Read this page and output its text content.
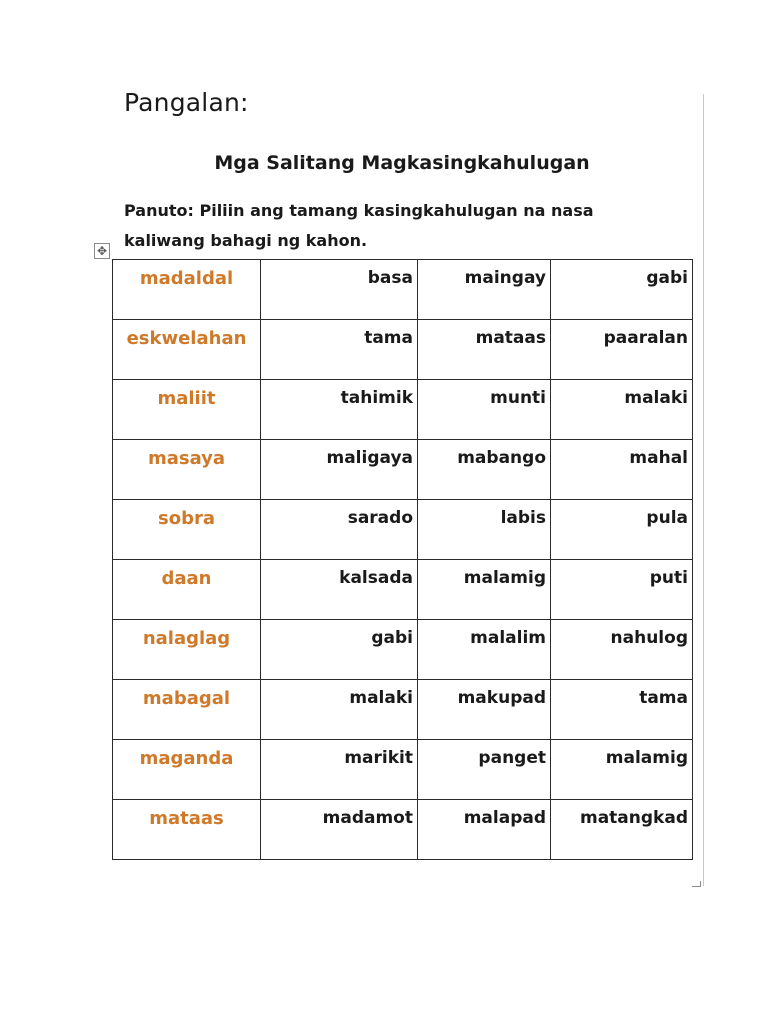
Pangalan:
Mga Salitang Magkasingkahulugan
Panuto: Piliin ang tamang kasingkahulugan na nasa kaliwang bahagi ng kahon.
✥
madaldal	basa	maingay	gabi
eskwelahan	tama	mataas	paaralan
maliit	tahimik	munti	malaki
masaya	maligaya	mabango	mahal
sobra	sarado	labis	pula
daan	kalsada	malamig	puti
nalaglag	gabi	malalim	nahulog
mabagal	malaki	makupad	tama
maganda	marikit	panget	malamig
mataas	madamot	malapad	matangkad
